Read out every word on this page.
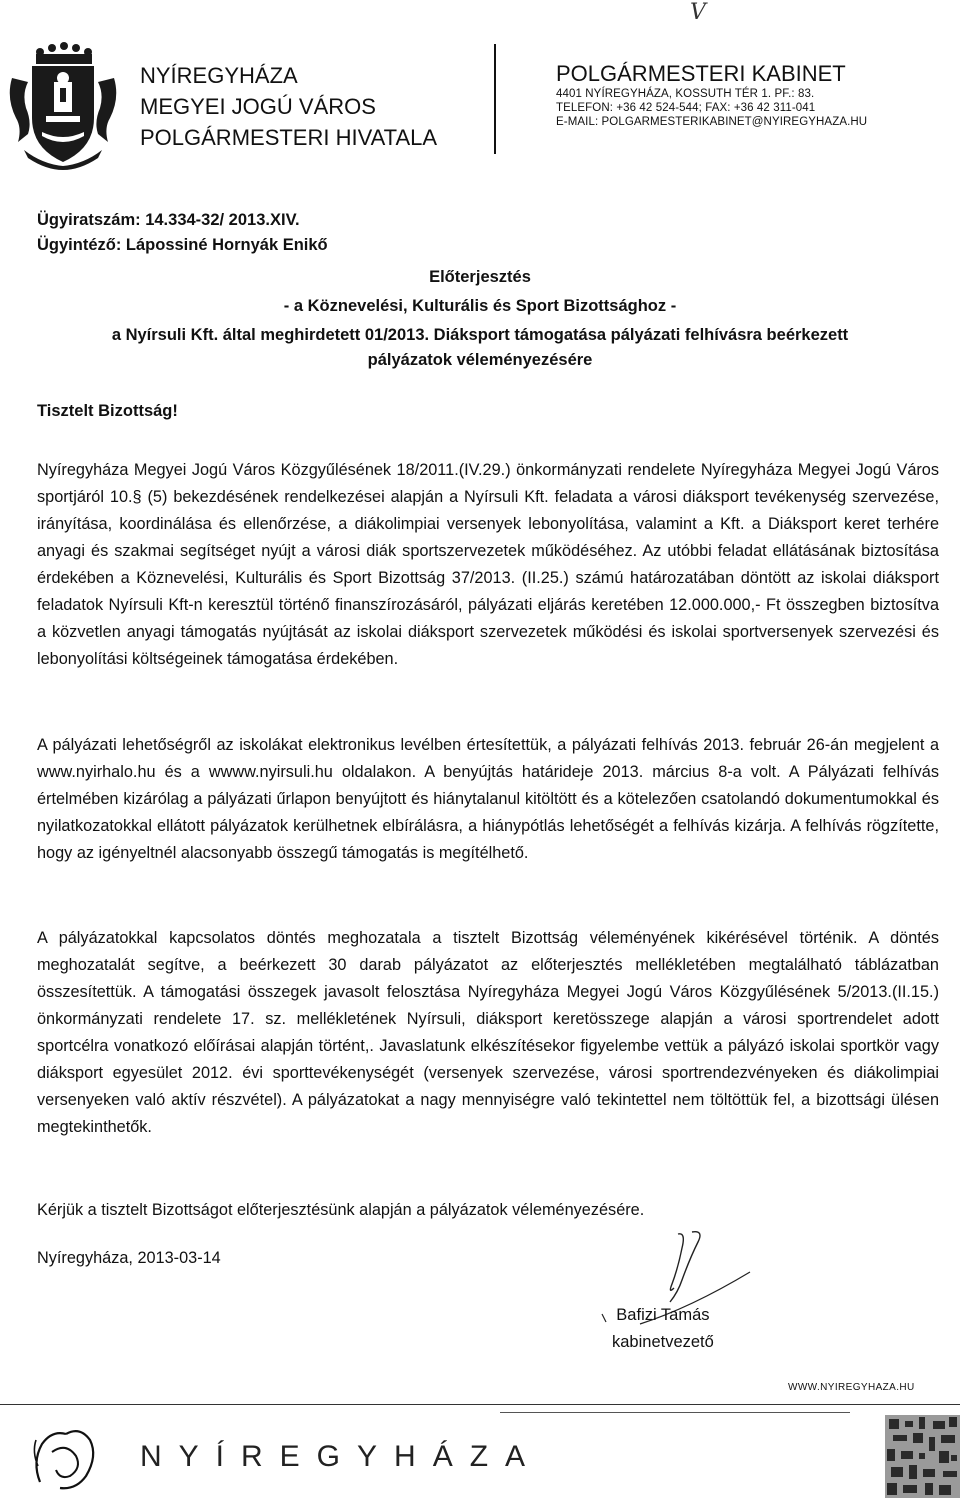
V
NYÍREGYHÁZA
MEGYEI JOGÚ VÁROS
POLGÁRMESTERI HIVATALA
POLGÁRMESTERI KABINET
4401 NYÍREGYHÁZA, KOSSUTH TÉR 1. PF.: 83.
TELEFON: +36 42 524-544; FAX: +36 42 311-041
E-MAIL: POLGARMESTERIKABINET@NYIREGYHAZA.HU
Ügyiratszám: 14.334-32/ 2013.XIV.
Ügyintéző: Lápossiné Hornyák Enikő
Előterjesztés
- a Köznevelési, Kulturális és Sport Bizottsághoz -
a Nyírsuli Kft. által meghirdetett 01/2013. Diáksport támogatása pályázati felhívásra beérkezett
pályázatok véleményezésére
Tisztelt Bizottság!

Nyíregyháza Megyei Jogú Város Közgyűlésének 18/2011.(IV.29.) önkormányzati rendelete Nyíregyháza Megyei Jogú Város sportjáról 10.§ (5) bekezdésének rendelkezései alapján a Nyírsuli Kft. feladata a városi diáksport tevékenység szervezése, irányítása, koordinálása és ellenőrzése, a diákolimpiai versenyek lebonyolítása, valamint a Kft. a Diáksport keret terhére anyagi és szakmai segítséget nyújt a városi diák sportszervezetek működéséhez. Az utóbbi feladat ellátásának biztosítása érdekében a Köznevelési, Kulturális és Sport Bizottság 37/2013. (II.25.) számú határozatában döntött az iskolai diáksport feladatok Nyírsuli Kft-n keresztül történő finanszírozásáról, pályázati eljárás keretében 12.000.000,- Ft összegben biztosítva a közvetlen anyagi támogatás nyújtását az iskolai diáksport szervezetek működési és iskolai sportversenyek szervezési és lebonyolítási költségeinek támogatása érdekében.

A pályázati lehetőségről az iskolákat elektronikus levélben értesítettük, a pályázati felhívás 2013. február 26-án megjelent a www.nyirhalo.hu és a wwww.nyirsuli.hu oldalakon. A benyújtás határideje 2013. március 8-a volt. A Pályázati felhívás értelmében kizárólag a pályázati űrlapon benyújtott és hiánytalanul kitöltött és a kötelezően csatolandó dokumentumokkal és nyilatkozatokkal ellátott pályázatok kerülhetnek elbírálásra, a hiánypótlás lehetőségét a felhívás kizárja. A felhívás rögzítette, hogy az igényeltnél alacsonyabb összegű támogatás is megítélhető.

A pályázatokkal kapcsolatos döntés meghozatala a tisztelt Bizottság véleményének kikérésével történik. A döntés meghozatalát segítve, a beérkezett 30 darab pályázatot az előterjesztés mellékletében megtalálható táblázatban összesítettük. A támogatási összegek javasolt felosztása Nyíregyháza Megyei Jogú Város Közgyűlésének 5/2013.(II.15.) önkormányzati rendelete 17. sz. mellékletének Nyírsuli, diáksport keretösszege alapján a városi sportrendelet adott sportcélra vonatkozó előírásai alapján történt,. Javaslatunk elkészítésekor figyelembe vettük a pályázó iskolai sportkör vagy diáksport egyesület 2012. évi sporttevékenységét (versenyek szervezése, városi sportrendezvényeken és diákolimpiai versenyeken való aktív részvétel). A pályázatokat a nagy mennyiségre való tekintettel nem töltöttük fel, a bizottsági ülésen megtekinthetők.

Kérjük a tisztelt Bizottságot előterjesztésünk alapján a pályázatok véleményezésére.

Nyíregyháza, 2013-03-14
Bafizi Tamás
kabinetvezető
WWW.NYIREGYHAZA.HU
NYÍREGYHÁZA
